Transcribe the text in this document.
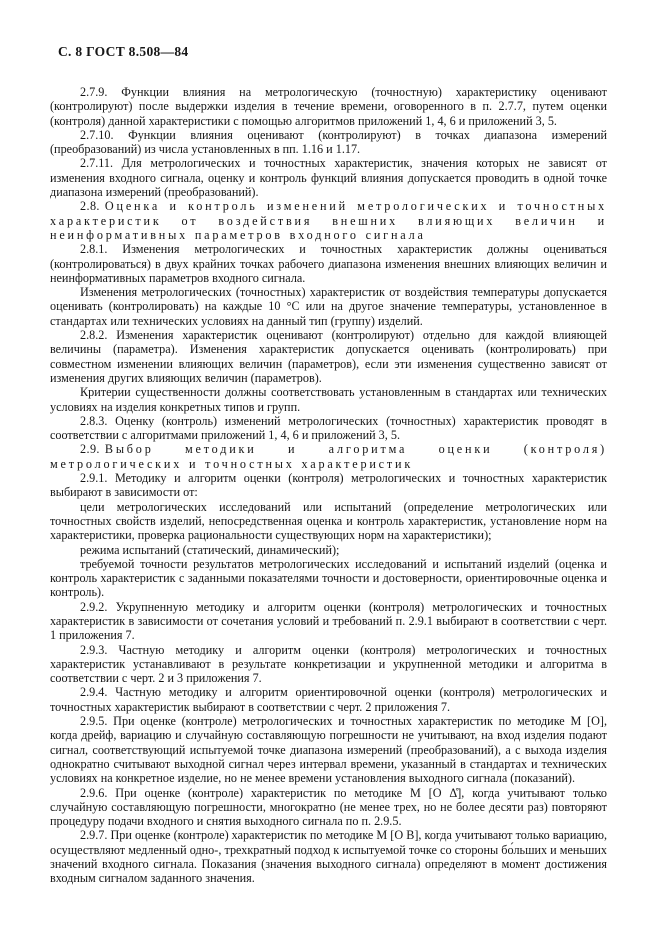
С. 8 ГОСТ 8.508—84

2.7.9. Функции влияния на метрологическую (точностную) характеристику оценивают (контролируют) после выдержки изделия в течение времени, оговоренного в п. 2.7.7, путем оценки (контроля) данной характеристики с помощью алгоритмов приложений 1, 4, 6 и приложений 3, 5.

2.7.10. Функции влияния оценивают (контролируют) в точках диапазона измерений (преобразований) из числа установленных в пп. 1.16 и 1.17.

2.7.11. Для метрологических и точностных характеристик, значения которых не зависят от изменения входного сигнала, оценку и контроль функций влияния допускается проводить в одной точке диапазона измерений (преобразований).

2.8. Оценка и контроль изменений метрологических и точностных характеристик от воздействия внешних влияющих величин и неинформативных параметров входного сигнала

2.8.1. Изменения метрологических и точностных характеристик должны оцениваться (контролироваться) в двух крайних точках рабочего диапазона изменения внешних влияющих величин и неинформативных параметров входного сигнала.

Изменения метрологических (точностных) характеристик от воздействия температуры допускается оценивать (контролировать) на каждые 10 °С или на другое значение температуры, установленное в стандартах или технических условиях на данный тип (группу) изделий.

2.8.2. Изменения характеристик оценивают (контролируют) отдельно для каждой влияющей величины (параметра). Изменения характеристик допускается оценивать (контролировать) при совместном изменении влияющих величин (параметров), если эти изменения существенно зависят от изменения других влияющих величин (параметров).

Критерии существенности должны соответствовать установленным в стандартах или технических условиях на изделия конкретных типов и групп.

2.8.3. Оценку (контроль) изменений метрологических (точностных) характеристик проводят в соответствии с алгоритмами приложений 1, 4, 6 и приложений 3, 5.

2.9. Выбор методики и алгоритма оценки (контроля) метрологических и точностных характеристик

2.9.1. Методику и алгоритм оценки (контроля) метрологических и точностных характеристик выбирают в зависимости от:

цели метрологических исследований или испытаний (определение метрологических или точностных свойств изделий, непосредственная оценка и контроль характеристик, установление норм на характеристики, проверка рациональности существующих норм на характеристики);

режима испытаний (статический, динамический);

требуемой точности результатов метрологических исследований и испытаний изделий (оценка и контроль характеристик с заданными показателями точности и достоверности, ориентировочные оценка и контроль).

2.9.2. Укрупненную методику и алгоритм оценки (контроля) метрологических и точностных характеристик в зависимости от сочетания условий и требований п. 2.9.1 выбирают в соответствии с черт. 1 приложения 7.

2.9.3. Частную методику и алгоритм оценки (контроля) метрологических и точностных характеристик устанавливают в результате конкретизации и укрупненной методики и алгоритма в соответствии с черт. 2 и 3 приложения 7.

2.9.4. Частную методику и алгоритм ориентировочной оценки (контроля) метрологических и точностных характеристик выбирают в соответствии с черт. 2 приложения 7.

2.9.5. При оценке (контроле) метрологических и точностных характеристик по методике М [О], когда дрейф, вариацию и случайную составляющую погрешности не учитывают, на вход изделия подают сигнал, соответствующий испытуемой точке диапазона измерений (преобразований), а с выхода изделия однократно считывают выходной сигнал через интервал времени, указанный в стандартах и технических условиях на конкретное изделие, но не менее времени установления выходного сигнала (показаний).

2.9.6. При оценке (контроле) характеристик по методике М [О Δ̊], когда учитывают только случайную составляющую погрешности, многократно (не менее трех, но не более десяти раз) повторяют процедуру подачи входного и снятия выходного сигнала по п. 2.9.5.

2.9.7. При оценке (контроле) характеристик по методике М [О В], когда учитывают только вариацию, осуществляют медленный одно-, трехкратный подход к испытуемой точке со стороны бо́льших и меньших значений входного сигнала. Показания (значения выходного сигнала) определяют в момент достижения входным сигналом заданного значения.
